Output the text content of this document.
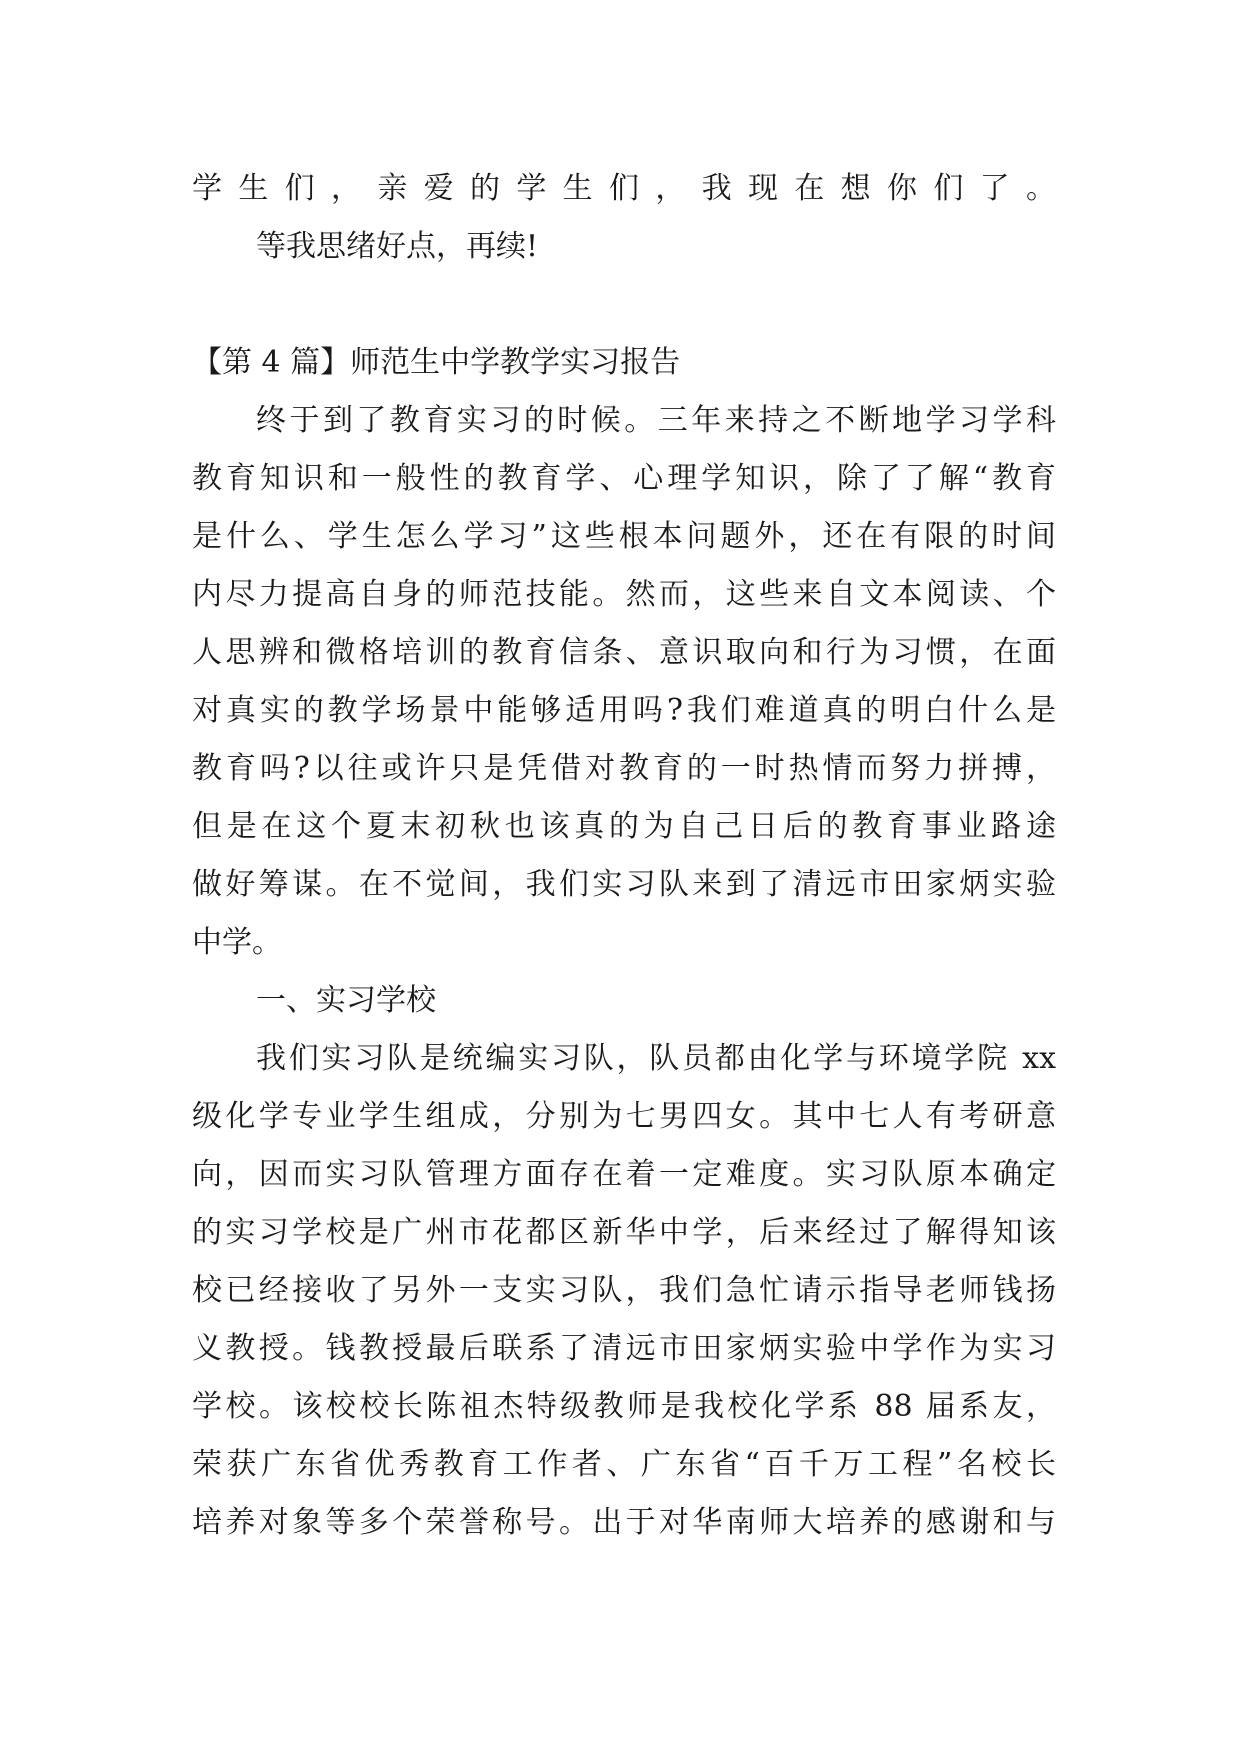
学生们，亲爱的学生们，我现在想你们了。
等我思绪好点，再续!
【第 4 篇】师范生中学教学实习报告
终于到了教育实习的时候。三年来持之不断地学习学科
教育知识和一般性的教育学、心理学知识，除了了解“教育
是什么、学生怎么学习”这些根本问题外，还在有限的时间
内尽力提高自身的师范技能。然而，这些来自文本阅读、个
人思辨和微格培训的教育信条、意识取向和行为习惯，在面
对真实的教学场景中能够适用吗?我们难道真的明白什么是
教育吗?以往或许只是凭借对教育的一时热情而努力拼搏，
但是在这个夏末初秋也该真的为自己日后的教育事业路途
做好筹谋。在不觉间，我们实习队来到了清远市田家炳实验
中学。
一、实习学校
我们实习队是统编实习队，队员都由化学与环境学院 xx
级化学专业学生组成，分别为七男四女。其中七人有考研意
向，因而实习队管理方面存在着一定难度。实习队原本确定
的实习学校是广州市花都区新华中学，后来经过了解得知该
校已经接收了另外一支实习队，我们急忙请示指导老师钱扬
义教授。钱教授最后联系了清远市田家炳实验中学作为实习
学校。该校校长陈祖杰特级教师是我校化学系 88 届系友，
荣获广东省优秀教育工作者、广东省“百千万工程”名校长
培养对象等多个荣誉称号。出于对华南师大培养的感谢和与
